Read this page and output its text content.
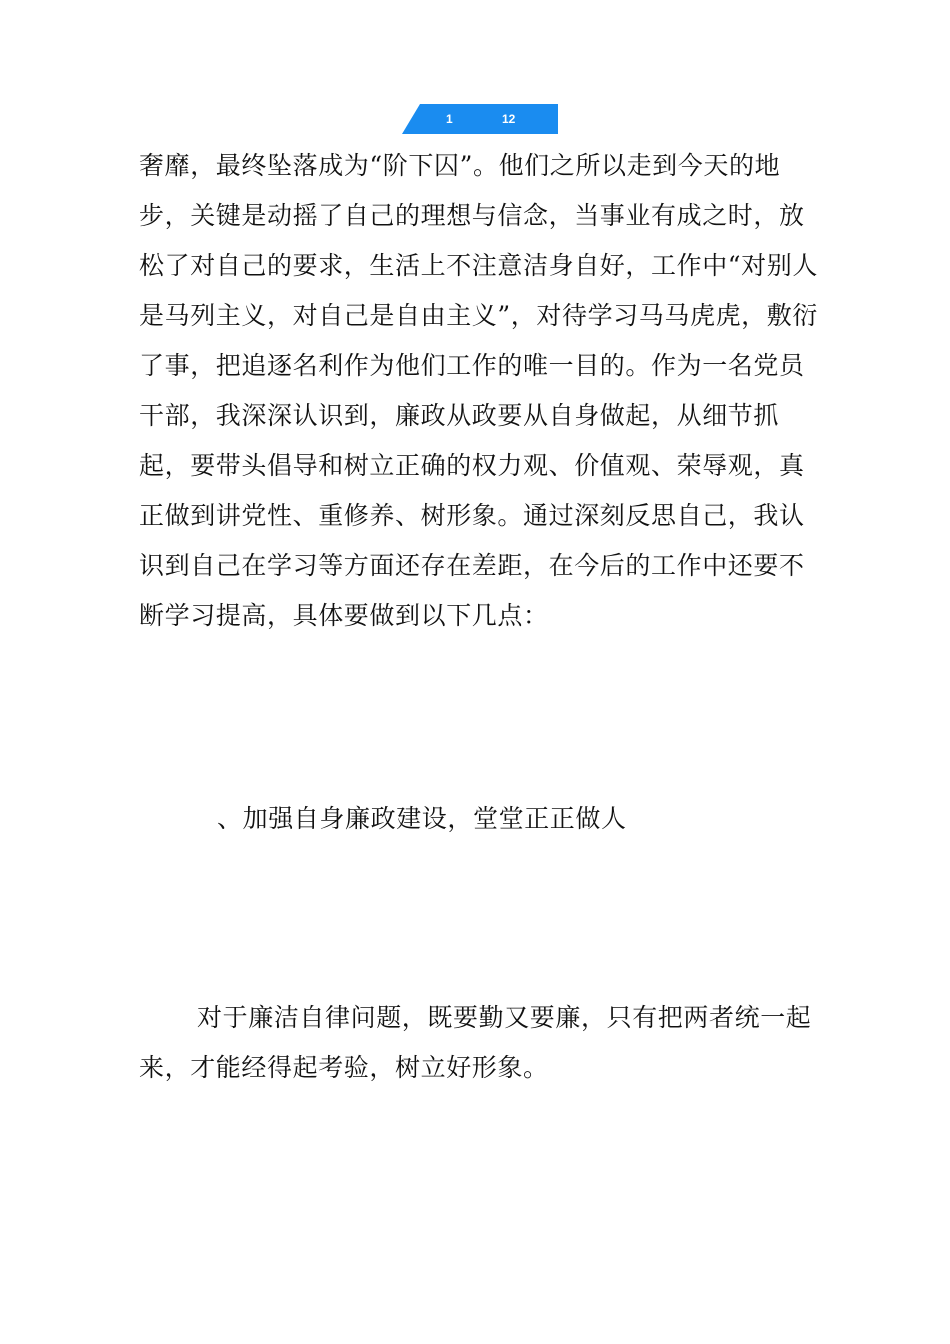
1	12

奢靡，最终坠落成为“阶下囚”。他们之所以走到今天的地步，关键是动摇了自己的理想与信念，当事业有成之时，放松了对自己的要求，生活上不注意洁身自好，工作中“对别人是马列主义，对自己是自由主义”，对待学习马马虎虎，敷衍了事，把追逐名利作为他们工作的唯一目的。作为一名党员干部，我深深认识到，廉政从政要从自身做起，从细节抓起，要带头倡导和树立正确的权力观、价值观、荣辱观，真正做到讲党性、重修养、树形象。通过深刻反思自己，我认识到自己在学习等方面还存在差距，在今后的工作中还要不断学习提高，具体要做到以下几点：

、加强自身廉政建设，堂堂正正做人

对于廉洁自律问题，既要勤又要廉，只有把两者统一起来，才能经得起考验，树立好形象。
